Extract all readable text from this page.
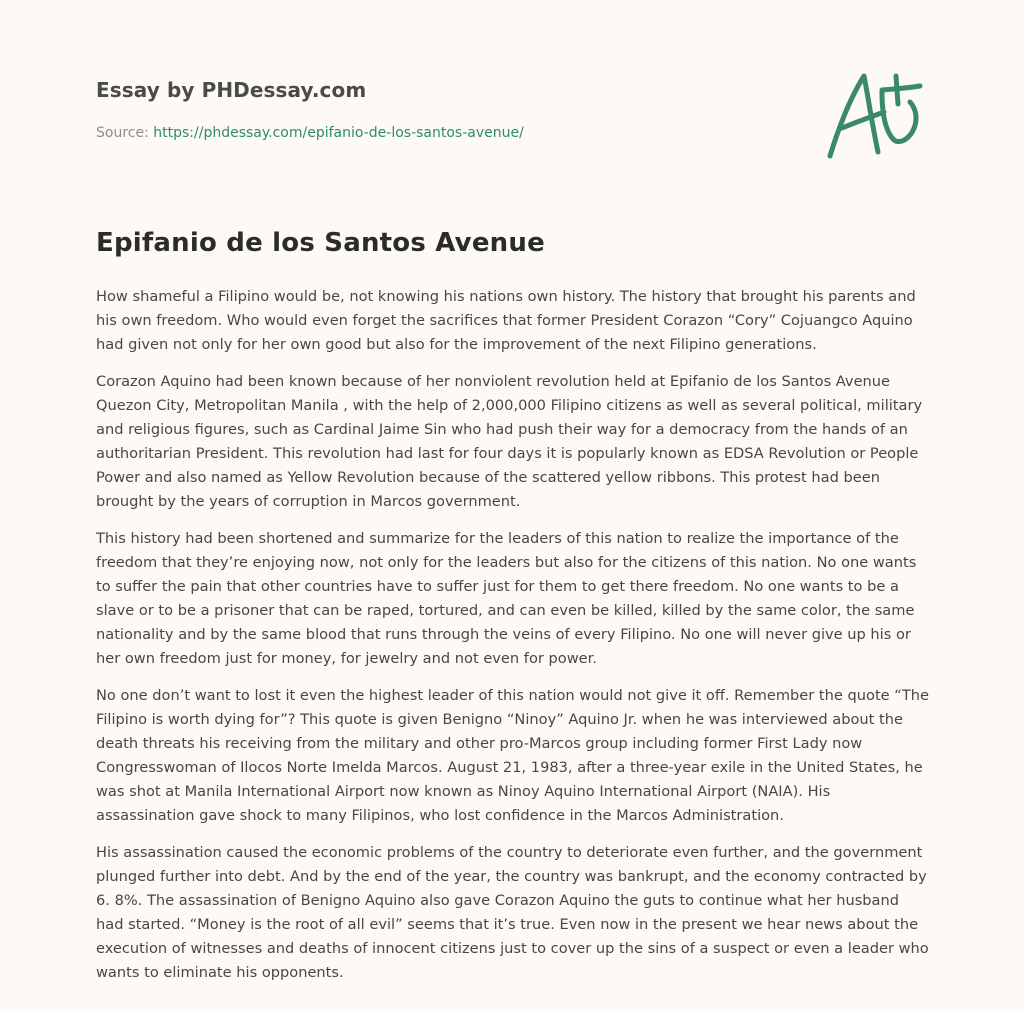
Essay by PHDessay.com
Source: https://phdessay.com/epifanio-de-los-santos-avenue/
Epifanio de los Santos Avenue

How shameful a Filipino would be, not knowing his nations own history. The history that brought his parents and his own freedom. Who would even forget the sacrifices that former President Corazon “Cory” Cojuangco Aquino had given not only for her own good but also for the improvement of the next Filipino generations.

Corazon Aquino had been known because of her nonviolent revolution held at Epifanio de los Santos Avenue Quezon City, Metropolitan Manila , with the help of 2,000,000 Filipino citizens as well as several political, military and religious figures, such as Cardinal Jaime Sin who had push their way for a democracy from the hands of an authoritarian President. This revolution had last for four days it is popularly known as EDSA Revolution or People Power and also named as Yellow Revolution because of the scattered yellow ribbons. This protest had been brought by the years of corruption in Marcos government.

This history had been shortened and summarize for the leaders of this nation to realize the importance of the freedom that they’re enjoying now, not only for the leaders but also for the citizens of this nation. No one wants to suffer the pain that other countries have to suffer just for them to get there freedom. No one wants to be a slave or to be a prisoner that can be raped, tortured, and can even be killed, killed by the same color, the same nationality and by the same blood that runs through the veins of every Filipino. No one will never give up his or her own freedom just for money, for jewelry and not even for power.

No one don’t want to lost it even the highest leader of this nation would not give it off. Remember the quote “The Filipino is worth dying for”? This quote is given Benigno “Ninoy” Aquino Jr. when he was interviewed about the death threats his receiving from the military and other pro-Marcos group including former First Lady now Congresswoman of Ilocos Norte Imelda Marcos. August 21, 1983, after a three-year exile in the United States, he was shot at Manila International Airport now known as Ninoy Aquino International Airport (NAIA). His assassination gave shock to many Filipinos, who lost confidence in the Marcos Administration.

His assassination caused the economic problems of the country to deteriorate even further, and the government plunged further into debt. And by the end of the year, the country was bankrupt, and the economy contracted by 6. 8%. The assassination of Benigno Aquino also gave Corazon Aquino the guts to continue what her husband had started. “Money is the root of all evil” seems that it’s true. Even now in the present we hear news about the execution of witnesses and deaths of innocent citizens just to cover up the sins of a suspect or even a leader who wants to eliminate his opponents.
